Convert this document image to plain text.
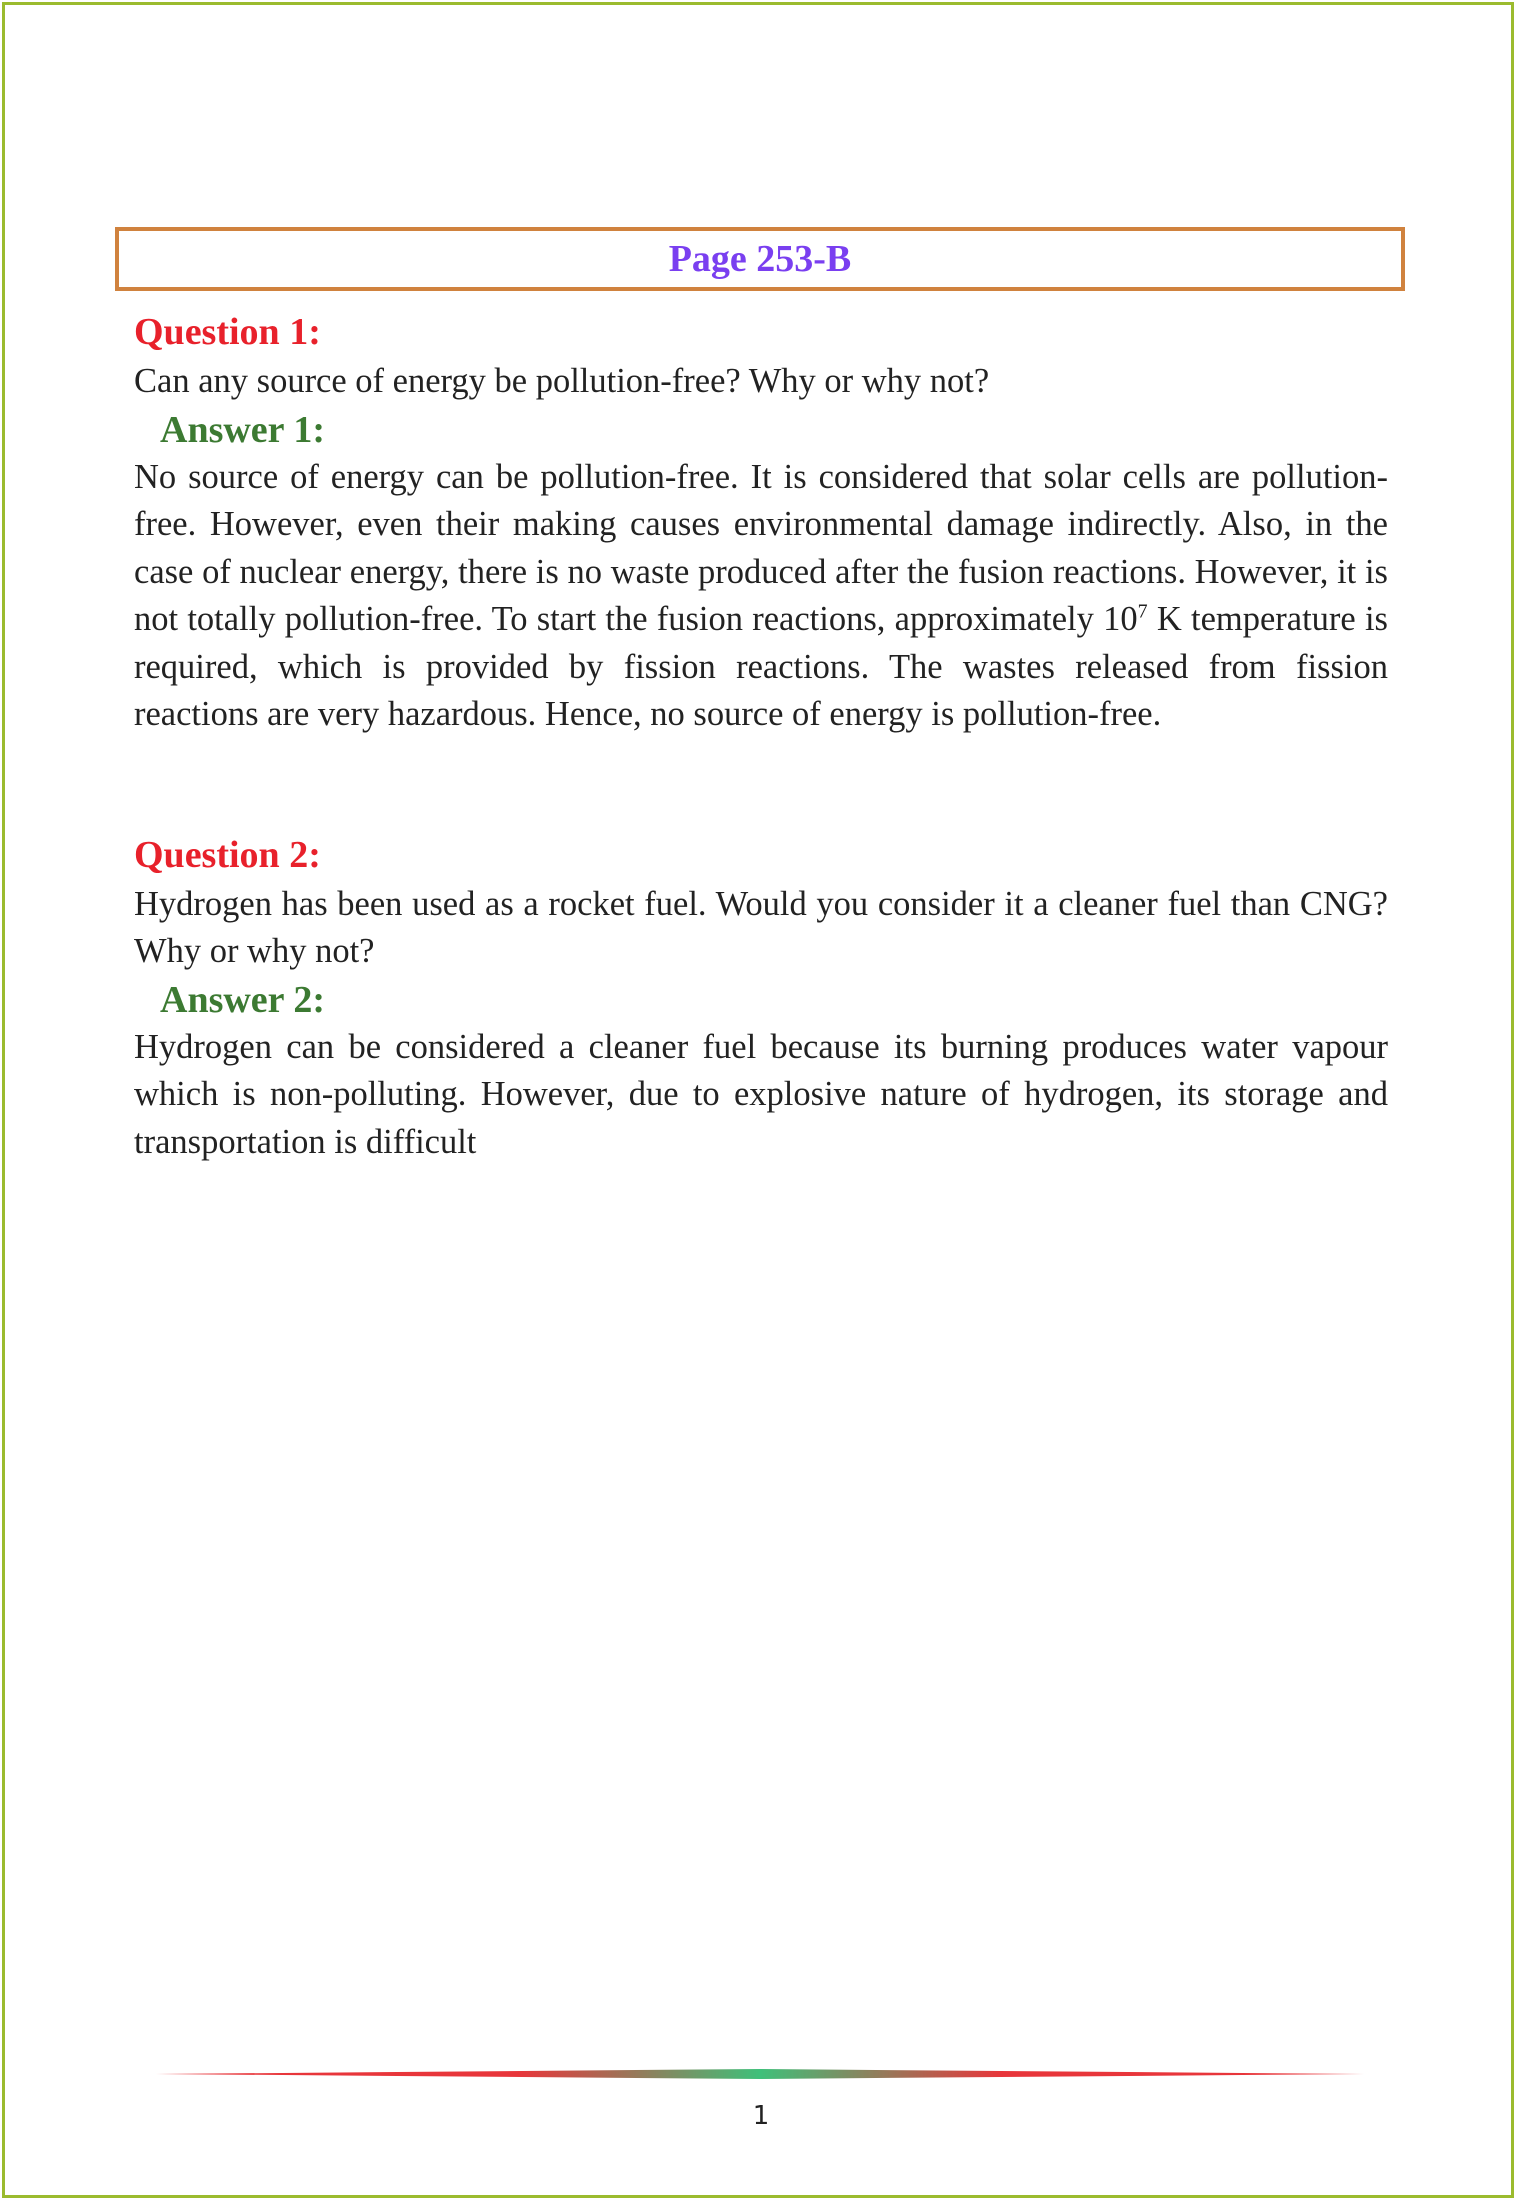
Page 253-B

Question 1:

Can any source of energy be pollution-free? Why or why not?

Answer 1:

No source of energy can be pollution-free. It is considered that solar cells are pollution-free. However, even their making causes environmental damage indirectly. Also, in the case of nuclear energy, there is no waste produced after the fusion reactions. However, it is not totally pollution-free. To start the fusion reactions, approximately $10^7$ K temperature is required, which is provided by fission reactions. The wastes released from fission reactions are very hazardous. Hence, no source of energy is pollution-free.

Question 2:

Hydrogen has been used as a rocket fuel. Would you consider it a cleaner fuel than CNG? Why or why not?

Answer 2:

Hydrogen can be considered a cleaner fuel because its burning produces water vapour which is non-polluting. However, due to explosive nature of hydrogen, its storage and transportation is difficult

1
